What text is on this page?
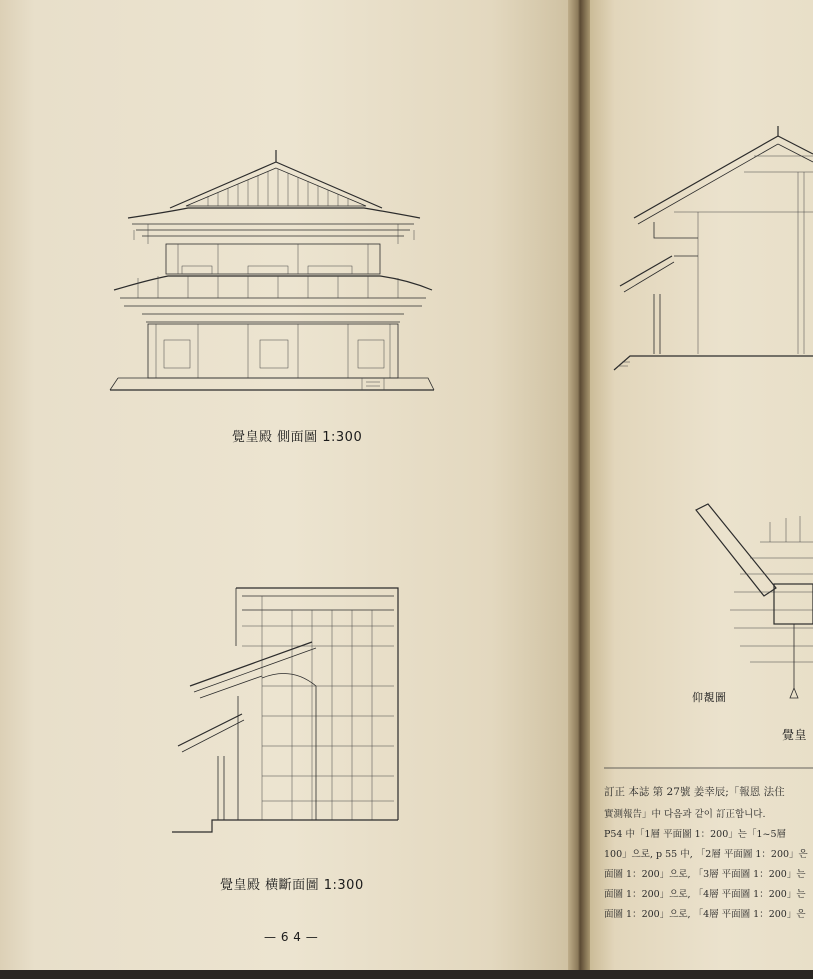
覺皇殿 側面圖 1:300
覺皇殿 横斷面圖 1:300
— 6 4 —
仰覩圖
覺皇
訂正 本誌 第 27號 姜幸辰;「報恩 法住
實測報告」中 다음과 같이 訂正합니다.
P54 中「1層 平面圖 1：200」는「1~5層
100」으로, p 55 中, 「2層 平面圖 1：200」은
面圖 1：200」으로, 「3層 平面圖 1：200」는
面圖 1：200」으로, 「4層 平面圖 1：200」는
面圖 1：200」으로, 「4層 平面圖 1：200」은
